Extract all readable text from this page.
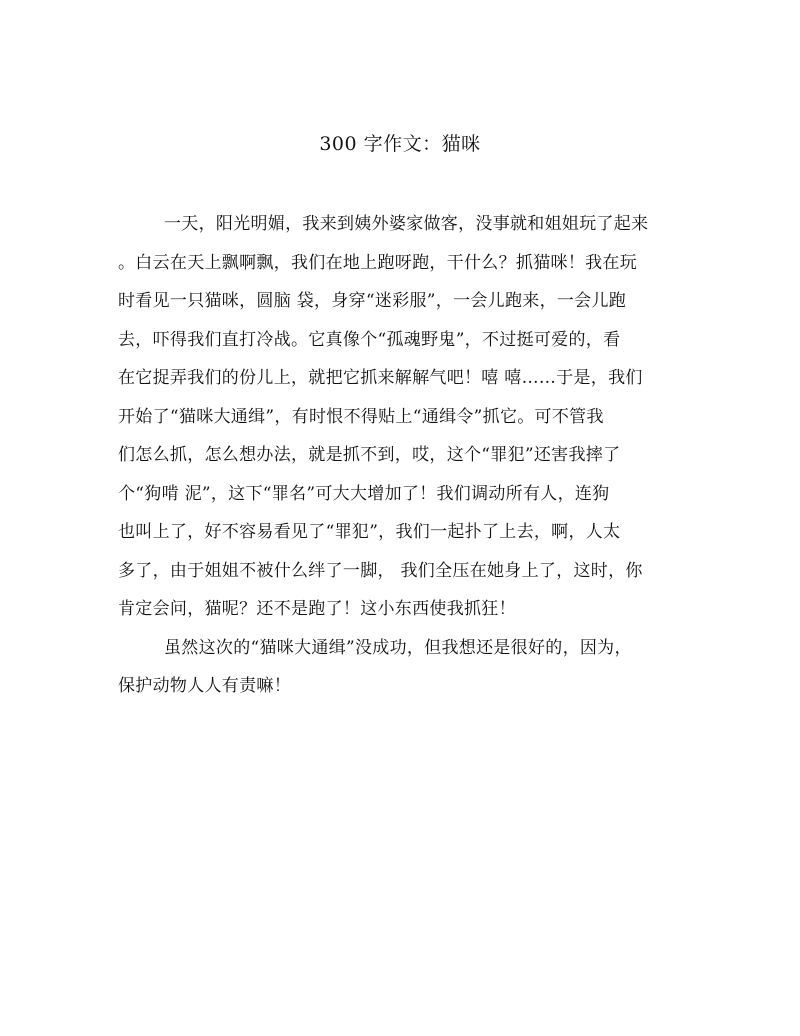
300 字作文：猫咪
一天，阳光明媚，我来到姨外婆家做客，没事就和姐姐玩了起来
。白云在天上飘啊飘，我们在地上跑呀跑，干什么？抓猫咪！我在玩
时看见一只猫咪，圆脑 袋，身穿“迷彩服”，一会儿跑来，一会儿跑
去，吓得我们直打冷战。它真像个“孤魂野鬼”，不过挺可爱的，看
在它捉弄我们的份儿上，就把它抓来解解气吧！嘻 嘻……于是，我们
开始了“猫咪大通缉”，有时恨不得贴上“通缉令”抓它。可不管我
们怎么抓，怎么想办法，就是抓不到，哎，这个“罪犯”还害我摔了
个“狗啃 泥”，这下“罪名”可大大增加了！我们调动所有人，连狗
也叫上了，好不容易看见了“罪犯”，我们一起扑了上去，啊，人太
多了，由于姐姐不被什么绊了一脚， 我们全压在她身上了，这时，你
肯定会问，猫呢？还不是跑了！这小东西使我抓狂！
虽然这次的“猫咪大通缉”没成功，但我想还是很好的，因为，
保护动物人人有责嘛！
